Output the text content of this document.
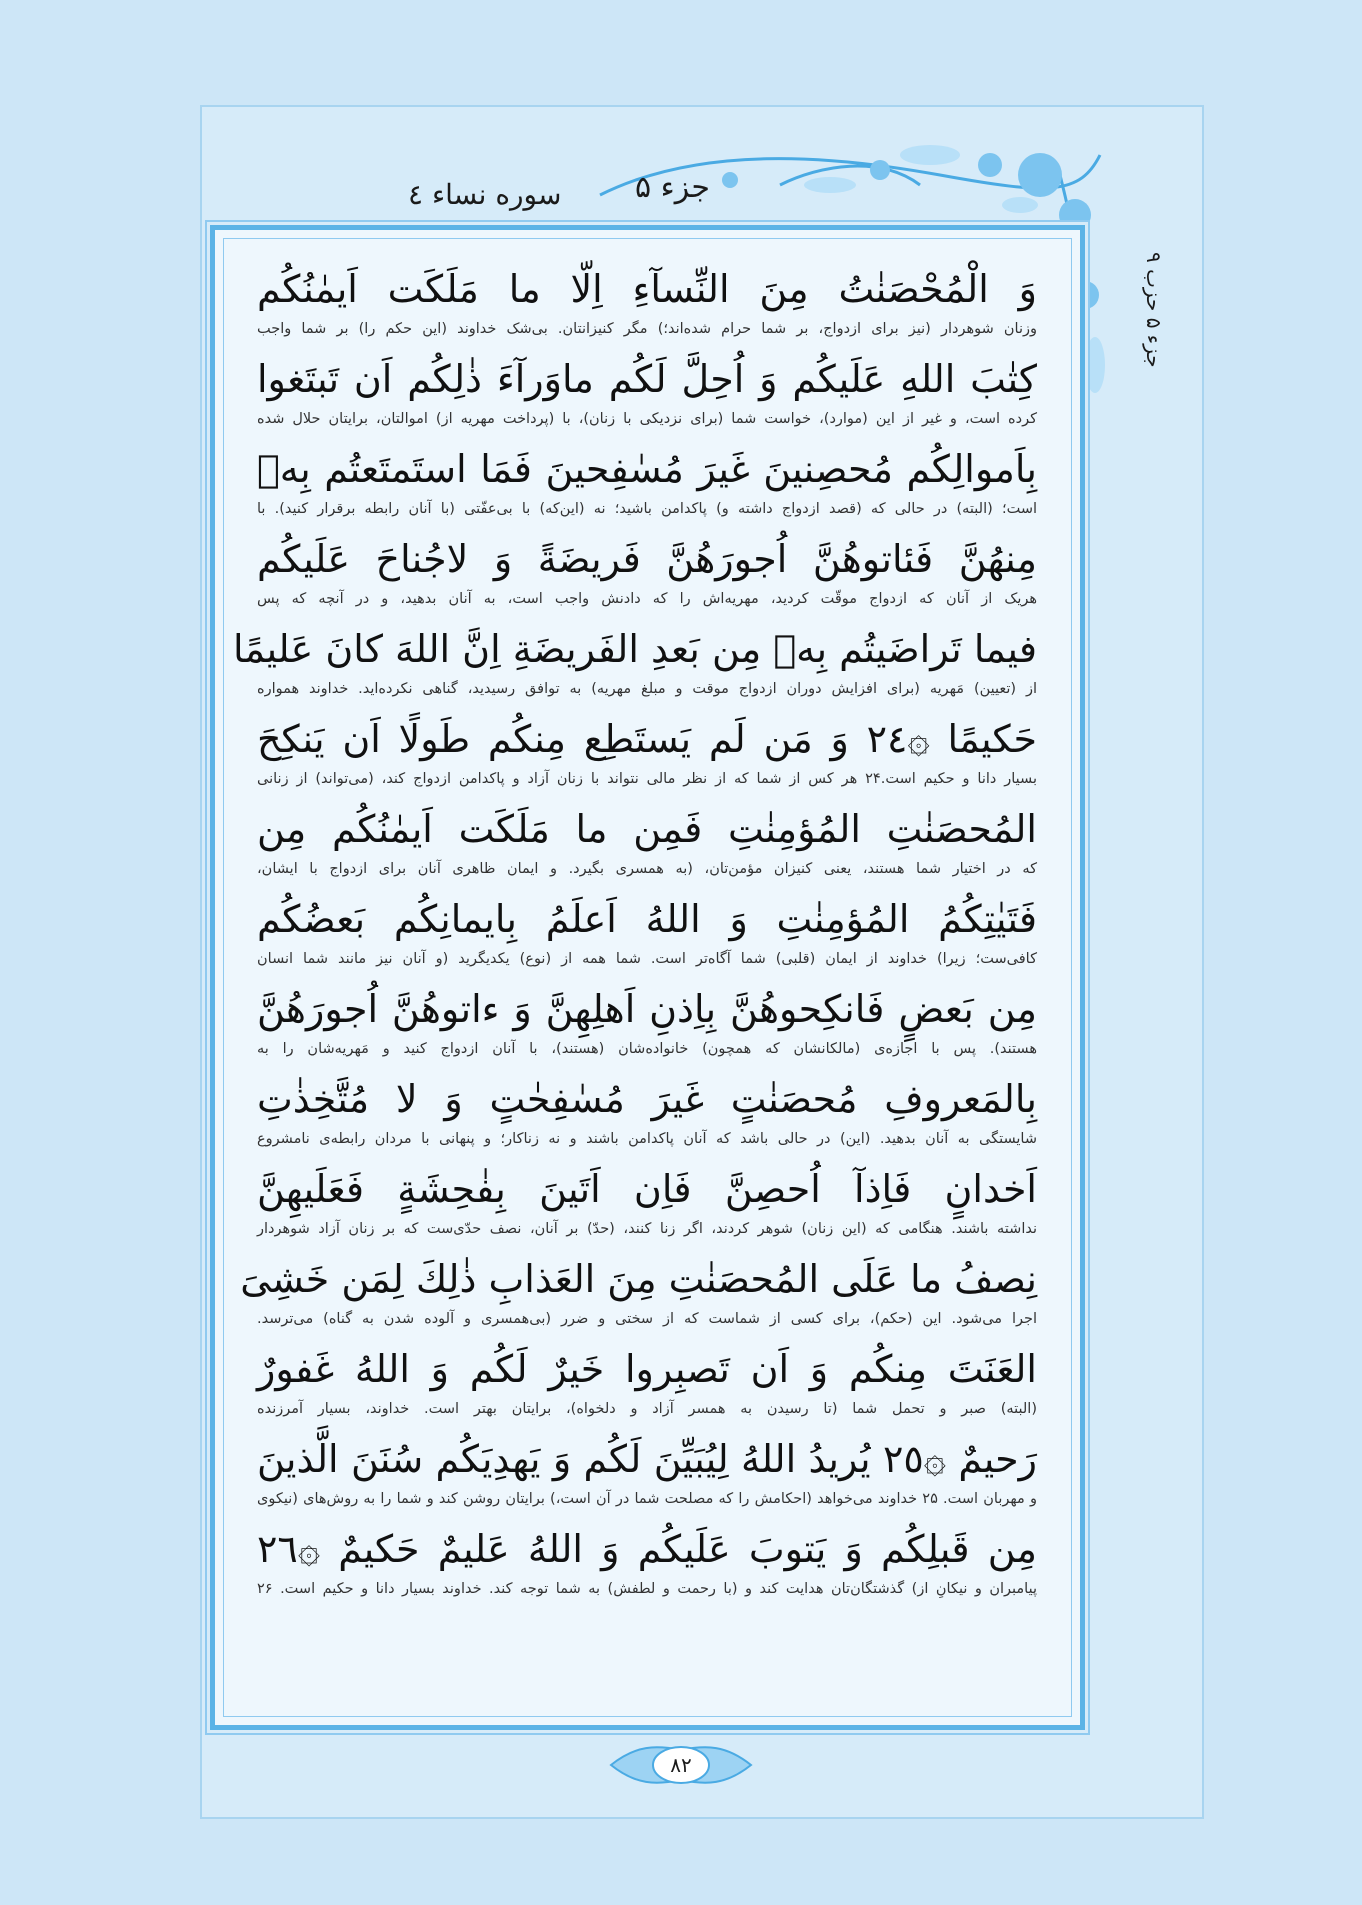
جزء ۵
سوره نساء ٤
جزء ۵ حزب ۹
وَ الْمُحْصَنٰتُ مِنَ النِّسآءِ اِلّا ما مَلَكَت اَیمٰنُکُم
وزنان شوهردار (نیز برای ازدواج، بر شما حرام شده‌اند؛) مگر کنیزانتان. بی‌شک خداوند (این حکم را) بر شما واجب
کِتٰبَ اللهِ عَلَیکُم وَ اُحِلَّ لَکُم ماوَرآءَ ذٰلِکُم اَن تَبتَغوا
کرده است، و غیر از این (موارد)، خواست شما (برای نزدیکی با زنان)، با (پرداخت مهریه از) اموالتان، برایتان حلال شده
بِاَموالِکُم مُحصِنینَ غَیرَ مُسٰفِحینَ فَمَا استَمتَعتُم بِهٖ
است؛ (البته) در حالی که (قصد ازدواج داشته و) پاکدامن باشید؛ نه (این‌که) با بی‌عفّتی (با آنان رابطه برقرار کنید). با
مِنهُنَّ فَئاتوهُنَّ اُجورَهُنَّ فَریضَةً وَ لاجُناحَ عَلَیکُم
هریک از آنان که ازدواج موقّت کردید، مهریه‌اش را که دادنش واجب است، به آنان بدهید، و در آنچه که پس
فیما تَراضَیتُم بِهٖ مِن بَعدِ الفَریضَةِ اِنَّ اللهَ کانَ عَلیمًا
از (تعیین) مَهریه (برای افزایش دوران ازدواج موقت و مبلغ مهریه) به توافق رسیدید، گناهی نکرده‌اید. خداوند همواره
حَکیمًا ۞٢٤ وَ مَن لَم یَستَطِع مِنکُم طَولًا اَن یَنکِحَ
بسیار دانا و حکیم است.۲۴ هر کس از شما که از نظر مالی نتواند با زنان آزاد و پاکدامن ازدواج کند، (می‌تواند) از زنانی
المُحصَنٰتِ المُؤمِنٰتِ فَمِن ما مَلَکَت اَیمٰنُکُم مِن
که در اختیار شما هستند، یعنی کنیزان مؤمن‌تان، (به همسری بگیرد. و ایمان ظاهری آنان برای ازدواج با ایشان،
فَتَیٰتِکُمُ المُؤمِنٰتِ وَ اللهُ اَعلَمُ بِایمانِکُم بَعضُکُم
کافی‌ست؛ زیرا) خداوند از ایمان (قلبی) شما آگاه‌تر است. شما همه از (نوع) یکدیگرید (و آنان نیز مانند شما انسان
مِن بَعضٍ فَانکِحوهُنَّ بِاِذنِ اَهلِهِنَّ وَ ءاتوهُنَّ اُجورَهُنَّ
هستند). پس با اجازه‌ی (مالکانشان که همچون) خانواده‌شان (هستند)، با آنان ازدواج کنید و مَهریه‌شان را به
بِالمَعروفِ مُحصَنٰتٍ غَیرَ مُسٰفِحٰتٍ وَ لا مُتَّخِذٰتِ
شایستگی به آنان بدهید. (این) در حالی باشد که آنان پاکدامن باشند و نه زناکار؛ و پنهانی با مردان رابطه‌ی نامشروع
اَخدانٍ فَاِذآ اُحصِنَّ فَاِن اَتَینَ بِفٰحِشَةٍ فَعَلَیهِنَّ
نداشته باشند. هنگامی که (این زنان) شوهر کردند، اگر زنا کنند، (حدّ) بر آنان، نصف حدّی‌ست که بر زنان آزاد شوهردار
نِصفُ ما عَلَی المُحصَنٰتِ مِنَ العَذابِ ذٰلِكَ لِمَن خَشِیَ
اجرا می‌شود. این (حکم)، برای کسی از شماست که از سختی و ضرر (بی‌همسری و آلوده شدن به گناه) می‌ترسد.
العَنَتَ مِنکُم وَ اَن تَصبِروا خَیرٌ لَکُم وَ اللهُ غَفورٌ
(البته) صبر و تحمل شما (تا رسیدن به همسر آزاد و دلخواه)، برایتان بهتر است. خداوند، بسیار آمرزنده
رَحیمٌ ۞٢٥ یُریدُ اللهُ لِیُبَیِّنَ لَکُم وَ یَهدِیَکُم سُنَنَ الَّذینَ
و مهربان است. ۲۵ خداوند می‌خواهد (احکامش را که مصلحت شما در آن است،) برایتان روشن کند و شما را به روش‌های (نیکوی
مِن قَبلِکُم وَ یَتوبَ عَلَیکُم وَ اللهُ عَلیمٌ حَکیمٌ ۞٢٦
پیامبران و نیکانِ از) گذشتگان‌تان هدایت کند و (با رحمت و لطفش) به شما توجه کند. خداوند بسیار دانا و حکیم است. ۲۶
٨٢
